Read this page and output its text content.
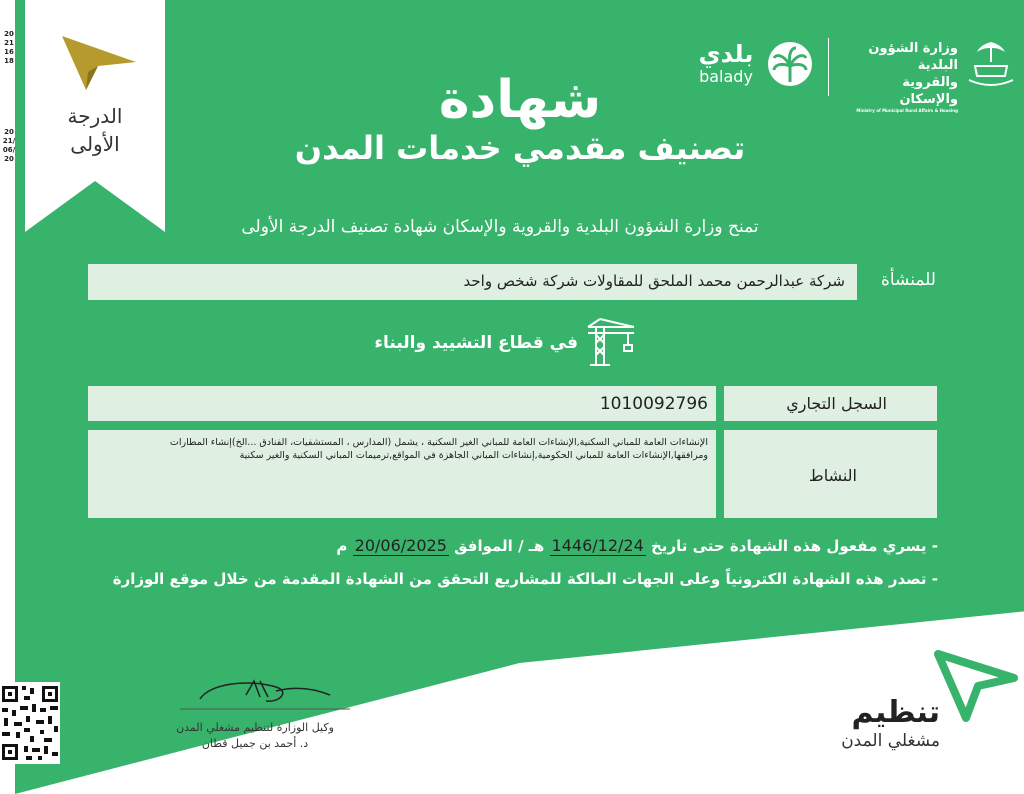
20211618
2021/06/20
الدرجة
الأولى
وزارة الشؤون البلدية
والقروية والإسكان
Ministry of Municipal Rural Affairs & Housing
بلدي
balady
شهادة
تصنيف مقدمي خدمات المدن
تمنح وزارة الشؤون البلدية والقروية والإسكان شهادة تصنيف الدرجة الأولى
للمنشأة
شركة عبدالرحمن محمد الملحق للمقاولات شركة شخص واحد
في قطاع التشييد والبناء
1010092796	السجل التجاري
الإنشاءات العامة للمباني السكنية,الإنشاءات العامة للمباني الغير السكنية ، يشمل (المدارس ، المستشفيات، الفنادق ...الخ)إنشاء المطارات ومرافقها,الإنشاءات العامة للمباني الحكومية,إنشاءات المباني الجاهزة في المواقع,ترميمات المباني السكنية والغير سكنية
النشاط
- يسري مفعول هذه الشهادة حتى تاريخ 1446/12/24 هـ / الموافق 20/06/2025 م
- تصدر هذه الشهادة الكترونياً وعلى الجهات المالكة للمشاريع التحقق من الشهادة المقدمة من خلال موقع الوزارة
وكيل الوزارة لتنظيم مشغلي المدن
د. أحمد بن جميل قطان
تنظيم
مشغلي المدن
